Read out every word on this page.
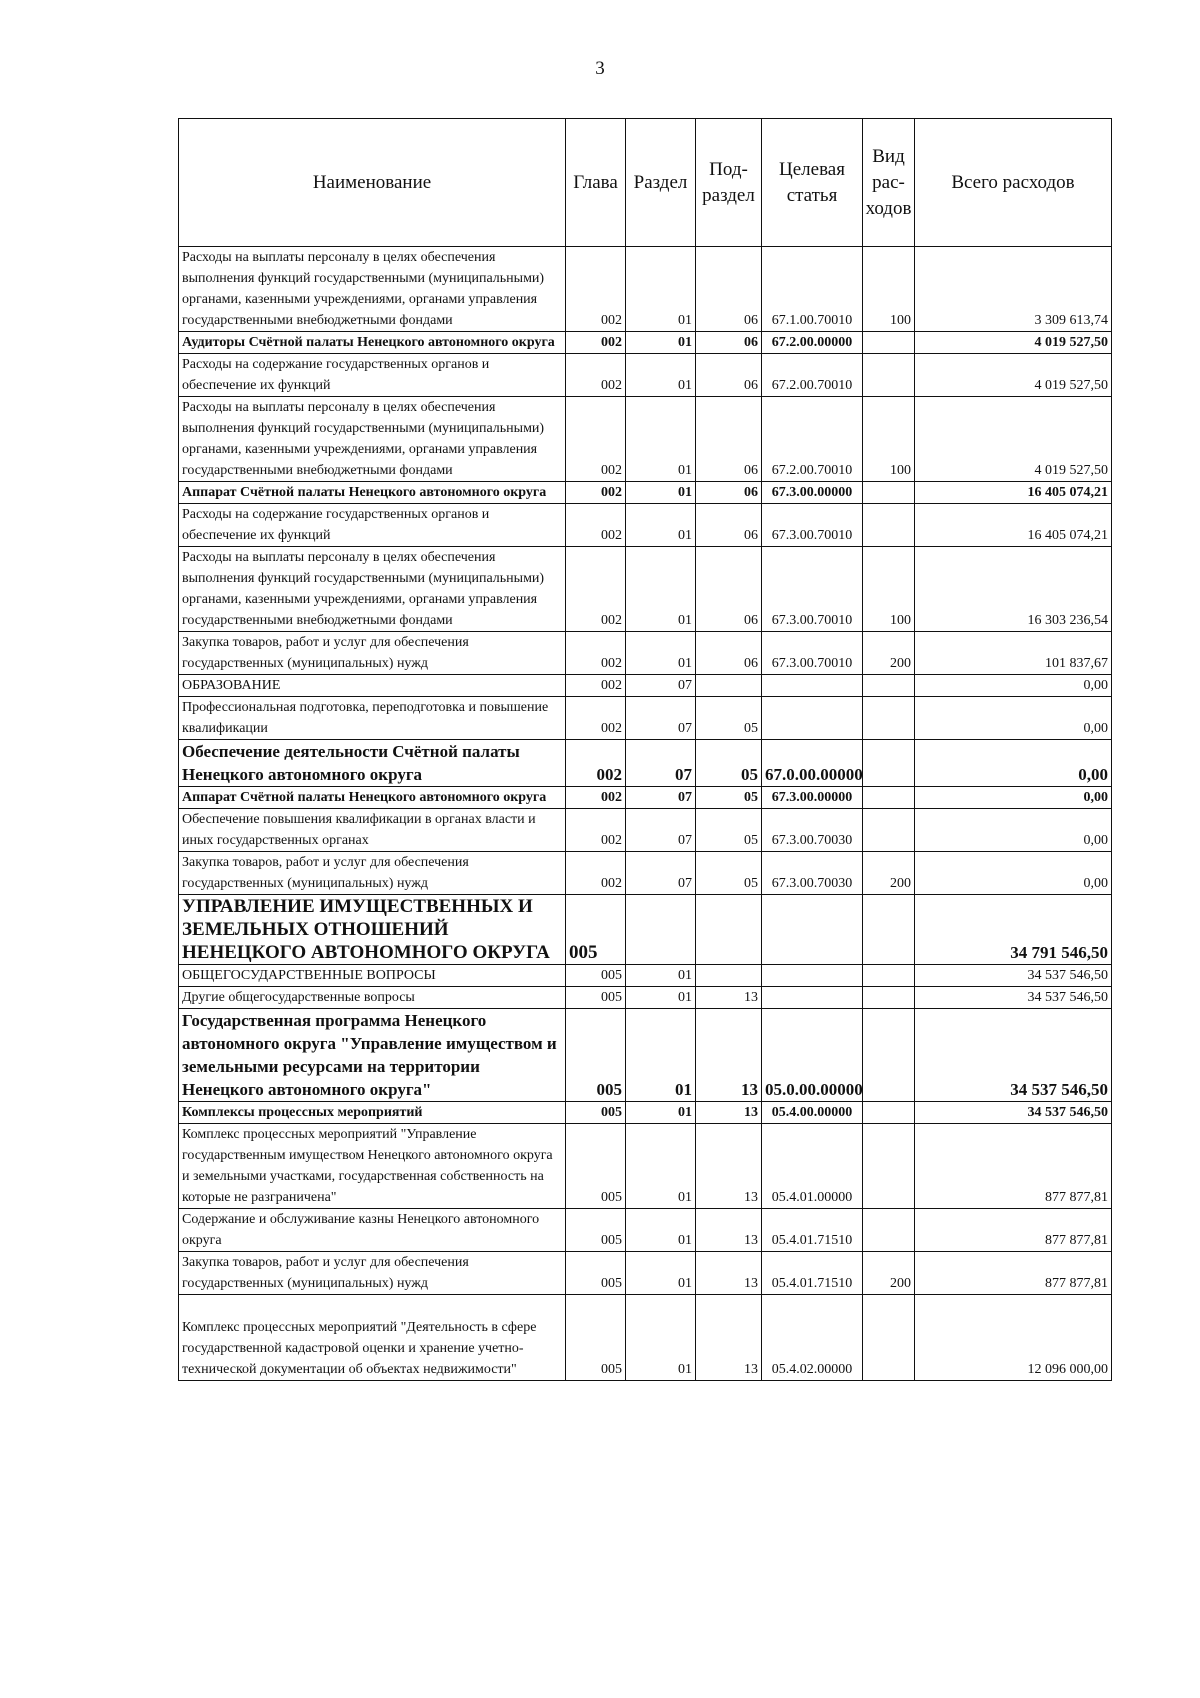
3
Наименование	Глава	Раздел	Под-раздел	Целевая статья	Вид рас-ходов	Всего расходов
Расходы на выплаты персоналу в целях обеспечения выполнения функций государственными (муниципальными) органами, казенными учреждениями, органами управления государственными внебюджетными фондами	002	01	06	67.1.00.70010	100	3 309 613,74
Аудиторы Счётной палаты Ненецкого автономного округа	002	01	06	67.2.00.00000		4 019 527,50
Расходы на содержание государственных органов и обеспечение их функций	002	01	06	67.2.00.70010		4 019 527,50
Расходы на выплаты персоналу в целях обеспечения выполнения функций государственными (муниципальными) органами, казенными учреждениями, органами управления государственными внебюджетными фондами	002	01	06	67.2.00.70010	100	4 019 527,50
Аппарат Счётной палаты Ненецкого автономного округа	002	01	06	67.3.00.00000		16 405 074,21
Расходы на содержание государственных органов и обеспечение их функций	002	01	06	67.3.00.70010		16 405 074,21
Расходы на выплаты персоналу в целях обеспечения выполнения функций государственными (муниципальными) органами, казенными учреждениями, органами управления государственными внебюджетными фондами	002	01	06	67.3.00.70010	100	16 303 236,54
Закупка товаров, работ и услуг для обеспечения государственных (муниципальных) нужд	002	01	06	67.3.00.70010	200	101 837,67
ОБРАЗОВАНИЕ	002	07				0,00
Профессиональная подготовка, переподготовка и повышение квалификации	002	07	05			0,00
Обеспечение деятельности Счётной палаты Ненецкого автономного округа	002	07	05	67.0.00.00000		0,00
Аппарат Счётной палаты Ненецкого автономного округа	002	07	05	67.3.00.00000		0,00
Обеспечение повышения квалификации в органах власти и иных государственных органах	002	07	05	67.3.00.70030		0,00
Закупка товаров, работ и услуг для обеспечения государственных (муниципальных) нужд	002	07	05	67.3.00.70030	200	0,00
УПРАВЛЕНИЕ ИМУЩЕСТВЕННЫХ И ЗЕМЕЛЬНЫХ ОТНОШЕНИЙ НЕНЕЦКОГО АВТОНОМНОГО ОКРУГА	005					34 791 546,50
ОБЩЕГОСУДАРСТВЕННЫЕ ВОПРОСЫ	005	01				34 537 546,50
Другие общегосударственные вопросы	005	01	13			34 537 546,50
Государственная программа Ненецкого автономного округа "Управление имуществом и земельными ресурсами на территории Ненецкого автономного округа"	005	01	13	05.0.00.00000		34 537 546,50
Комплексы процессных мероприятий	005	01	13	05.4.00.00000		34 537 546,50
Комплекс процессных мероприятий "Управление государственным имуществом Ненецкого автономного округа и земельными участками, государственная собственность на которые не разграничена"	005	01	13	05.4.01.00000		877 877,81
Содержание и обслуживание казны Ненецкого автономного округа	005	01	13	05.4.01.71510		877 877,81
Закупка товаров, работ и услуг для обеспечения государственных (муниципальных) нужд	005	01	13	05.4.01.71510	200	877 877,81
Комплекс процессных мероприятий "Деятельность в сфере государственной кадастровой оценки и хранение учетно-технической документации об объектах недвижимости"	005	01	13	05.4.02.00000		12 096 000,00
